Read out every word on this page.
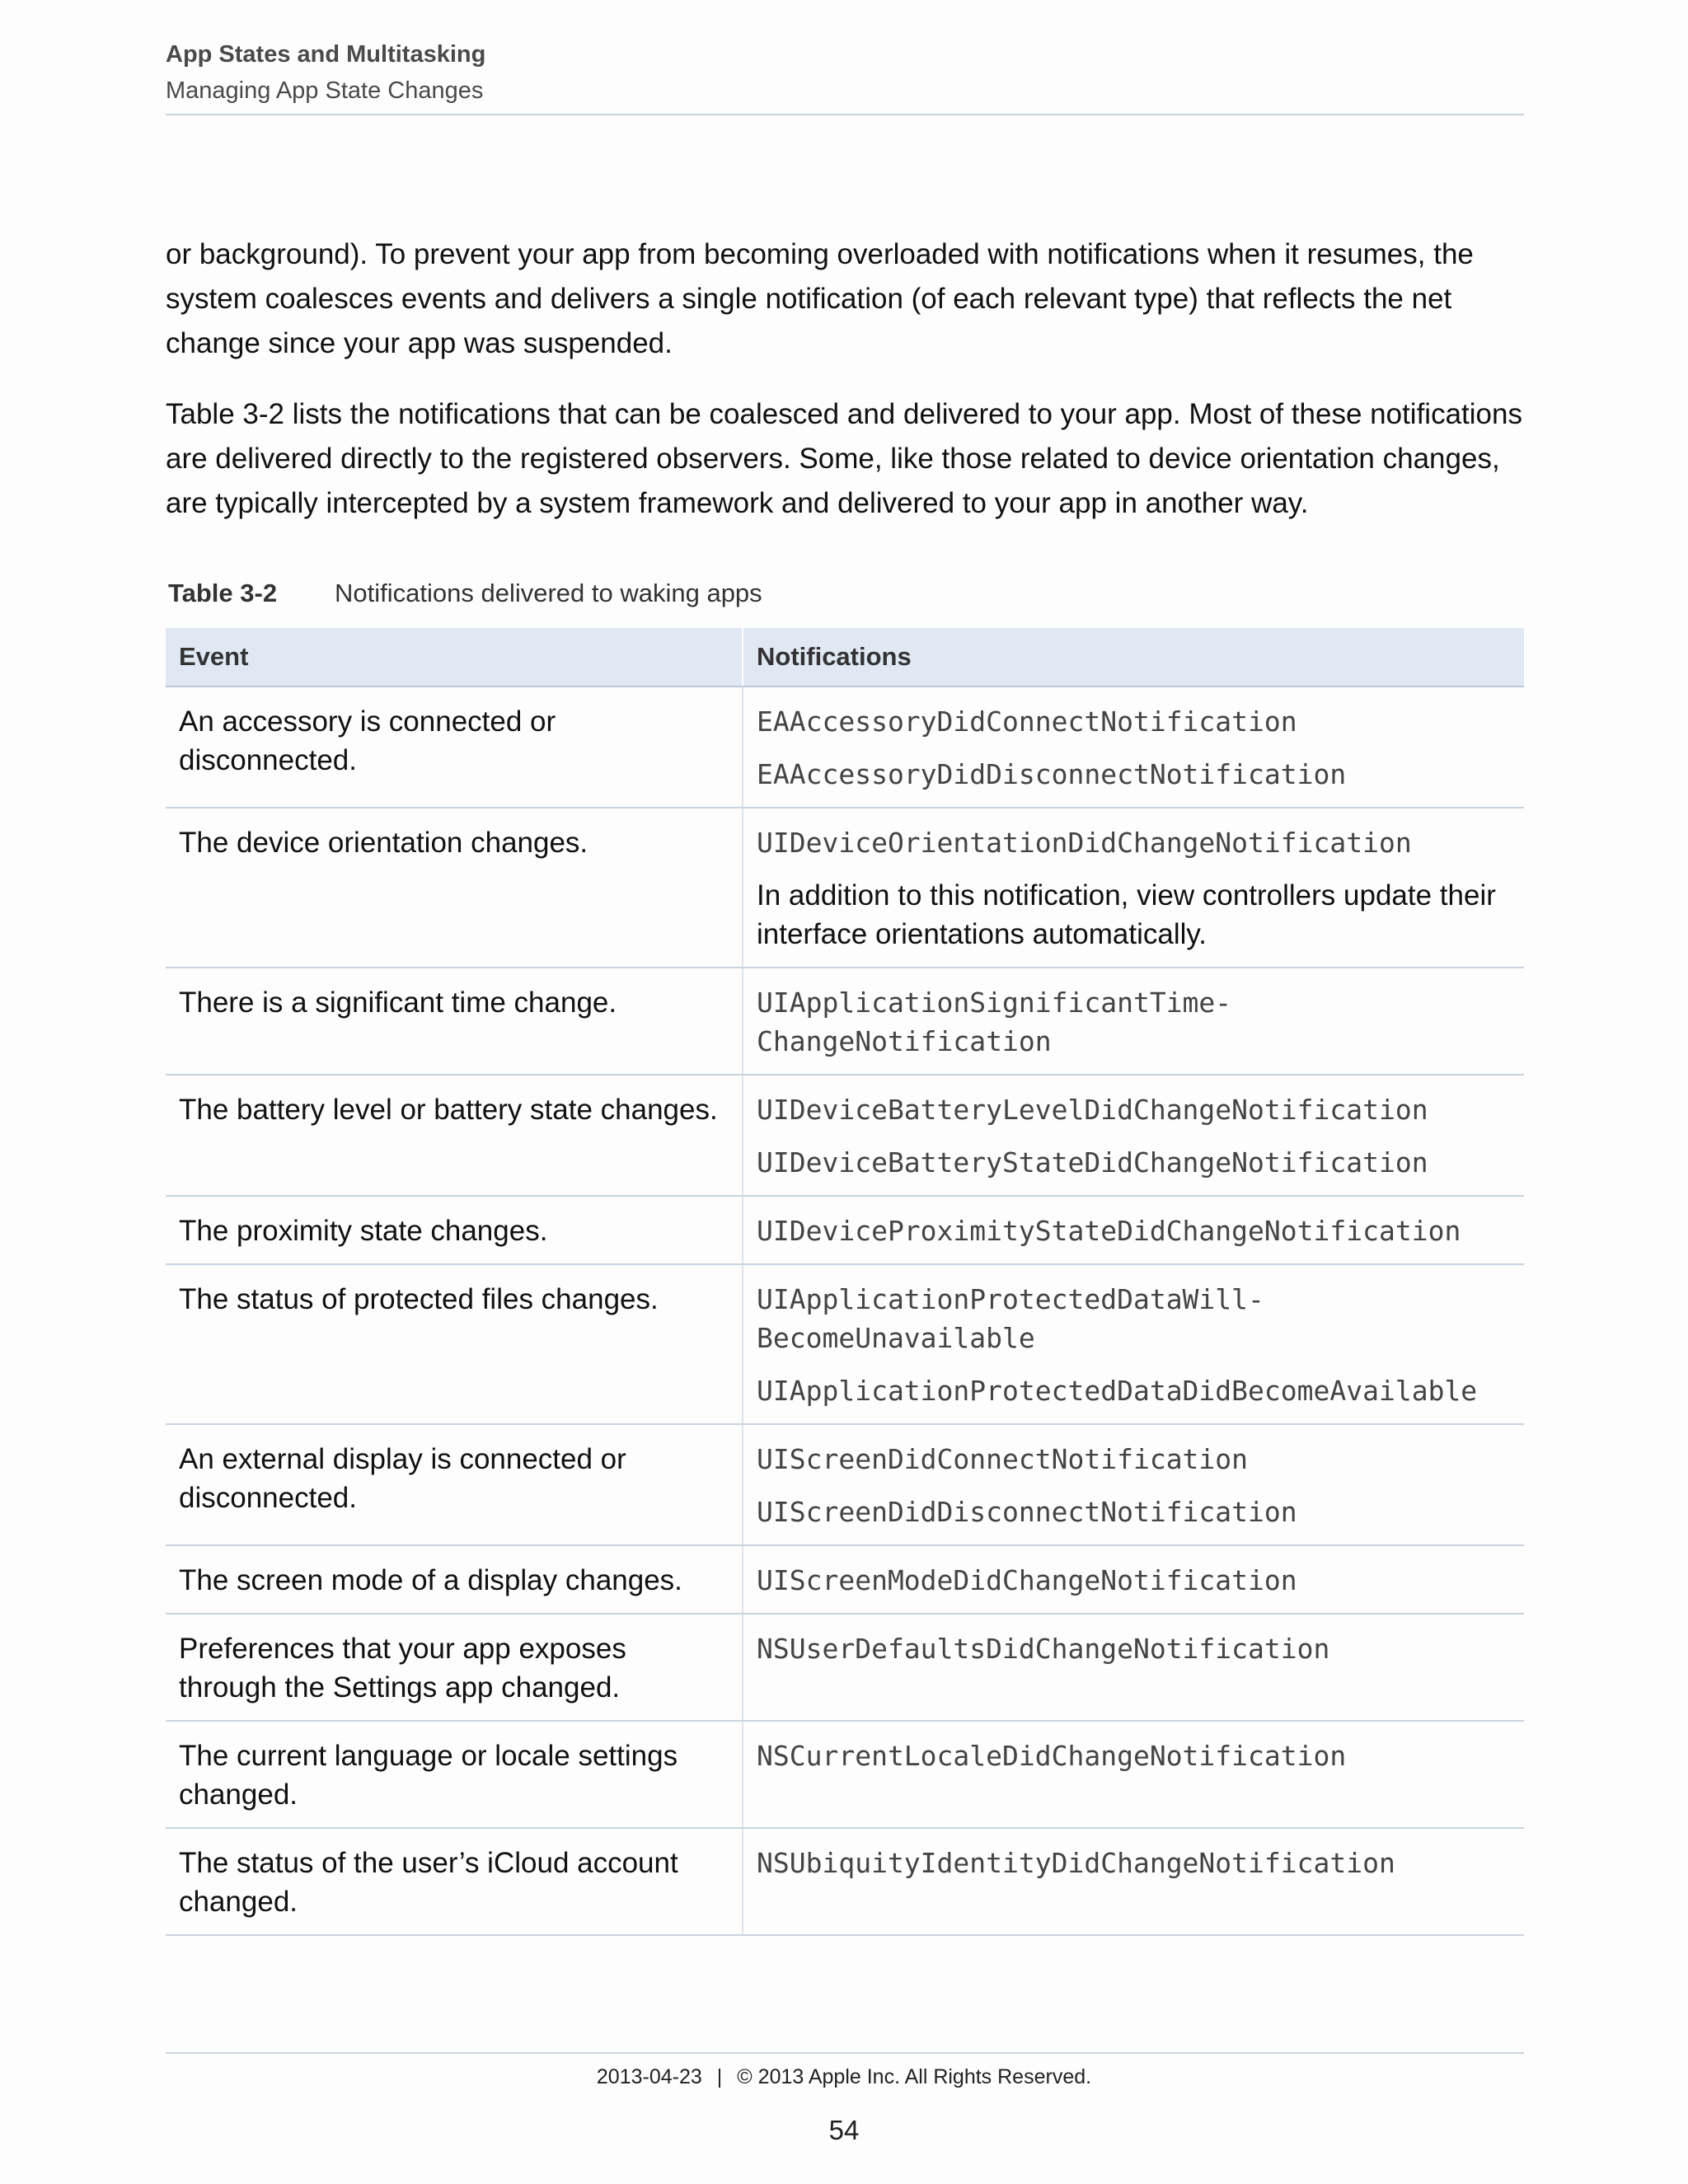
App States and Multitasking
Managing App State Changes

or background). To prevent your app from becoming overloaded with notifications when it resumes, the system coalesces events and delivers a single notification (of each relevant type) that reflects the net change since your app was suspended.

Table 3-2 lists the notifications that can be coalesced and delivered to your app. Most of these notifications are delivered directly to the registered observers. Some, like those related to device orientation changes, are typically intercepted by a system framework and delivered to your app in another way.

Table 3-2 Notifications delivered to waking apps
Event	Notifications
An accessory is connected or disconnected.	EAAccessoryDidConnectNotification
EAAccessoryDidDisconnectNotification

The device orientation changes.	UIDeviceOrientationDidChangeNotification
In addition to this notification, view controllers update their interface orientations automatically.

There is a significant time change.	UIApplicationSignificantTime-
ChangeNotification

The battery level or battery state changes.	UIDeviceBatteryLevelDidChangeNotification
UIDeviceBatteryStateDidChangeNotification

The proximity state changes.	UIDeviceProximityStateDidChangeNotification

The status of protected files changes.	UIApplicationProtectedDataWill-
BecomeUnavailable
UIApplicationProtectedDataDidBecomeAvailable

An external display is connected or disconnected.	UIScreenDidConnectNotification
UIScreenDidDisconnectNotification

The screen mode of a display changes.	UIScreenModeDidChangeNotification

Preferences that your app exposes through the Settings app changed.	NSUserDefaultsDidChangeNotification

The current language or locale settings changed.	NSCurrentLocaleDidChangeNotification

The status of the user’s iCloud account changed.	NSUbiquityIdentityDidChangeNotification
2013-04-23 | © 2013 Apple Inc. All Rights Reserved.
54
